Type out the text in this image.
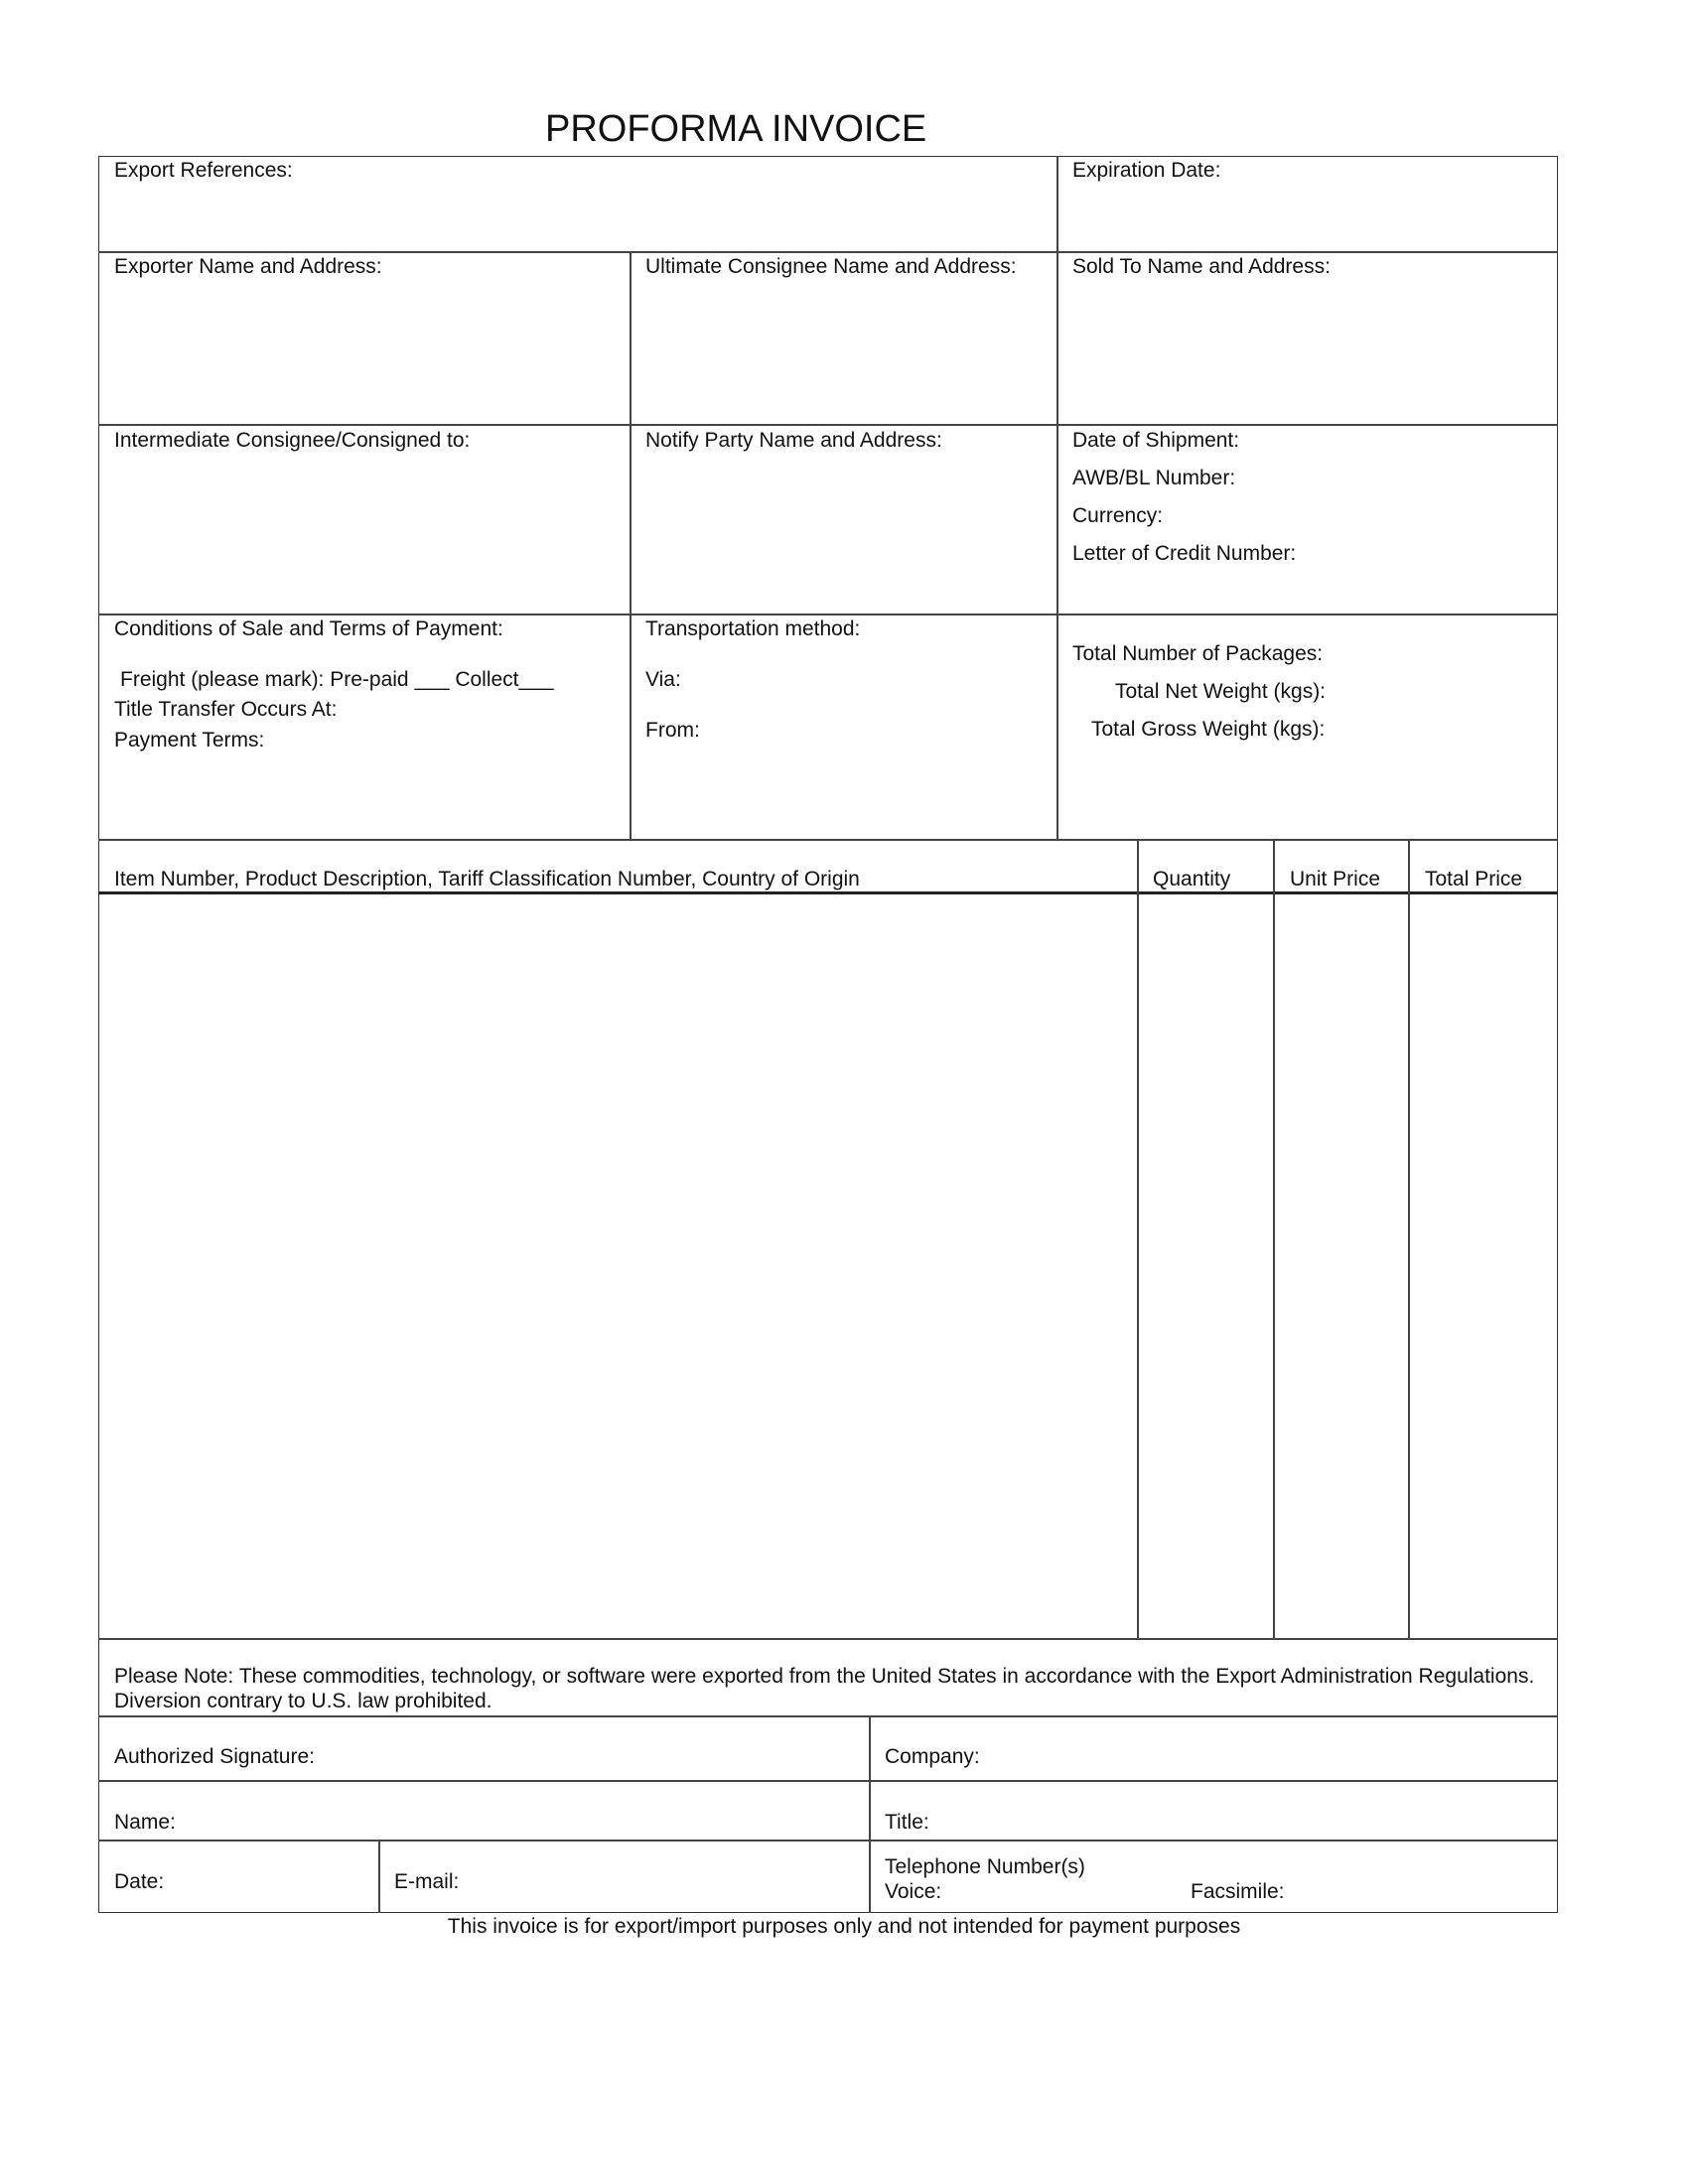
PROFORMA INVOICE
Export References:	Expiration Date:
Exporter Name and Address:	Ultimate Consignee Name and Address:	Sold To Name and Address:
Intermediate Consignee/Consigned to:	Notify Party Name and Address:	Date of Shipment:
AWB/BL Number:
Currency:
Letter of Credit Number:
Conditions of Sale and Terms of Payment:
Freight (please mark): Pre-paid ___ Collect___
Title Transfer Occurs At:
Payment Terms:
Transportation method:
Via:
From:
Total Number of Packages:
Total Net Weight (kgs):
Total Gross Weight (kgs):
Item Number, Product Description, Tariff Classification Number, Country of Origin	Quantity	Unit Price Total Price
Please Note: These commodities, technology, or software were exported from the United States in accordance with the Export Administration Regulations. Diversion contrary to U.S. law prohibited.
Authorized Signature:	Company:
Name:	Title:
Date:	E-mail:
Telephone Number(s)
Voice:	Facsimile:
This invoice is for export/import purposes only and not intended for payment purposes
